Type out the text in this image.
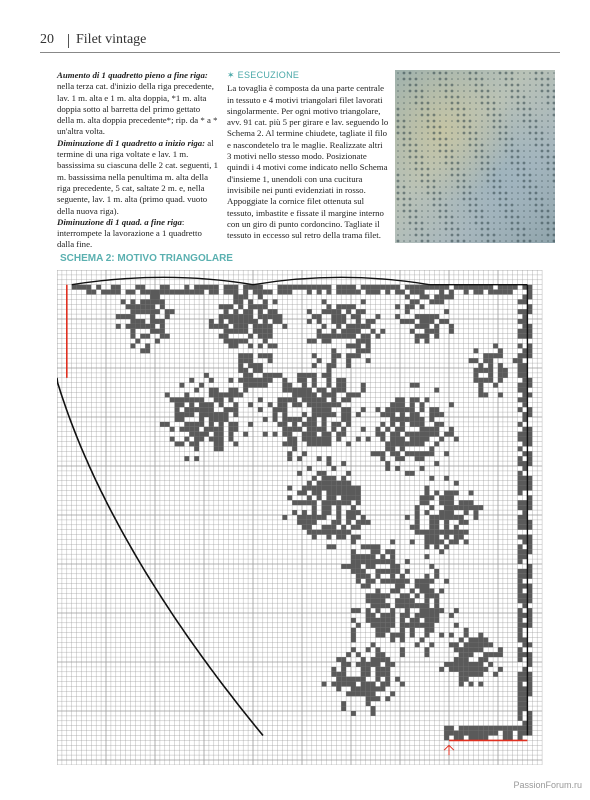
20 Filet vintage

Aumento di 1 quadretto pieno a fine riga: nella terza cat. d'inizio della riga precedente, lav. 1 m. alta e 1 m. alta doppia, *1 m. alta doppia sotto al barretta del primo gettato della m. alta doppia precedente*; rip. da * a * un'altra volta.

Diminuzione di 1 quadretto a inizio riga: al termine di una riga voltate e lav. 1 m. bassissima su ciascuna delle 2 cat. seguenti, 1 m. bassissima nella penultima m. alta della riga precedente, 5 cat, saltate 2 m. e, nella seguente, lav. 1 m. alta (primo quad. vuoto della nuova riga).

Diminuzione di 1 quad. a fine riga: interrompete la lavorazione a 1 quadretto dalla fine.

✶ ESECUZIONE
La tovaglia è composta da una parte centrale in tessuto e 4 motivi triangolari filet lavorati singolarmente. Per ogni motivo triangolare, avv. 91 cat. più 5 per girare e lav. seguendo lo Schema 2. Al termine chiudete, tagliate il filo e nascondetelo tra le maglie. Realizzate altri 3 motivi nello stesso modo. Posizionate quindi i 4 motivi come indicato nello Schema d'insieme 1, unendoli con una cucitura invisibile nei punti evidenziati in rosso. Appoggiate la cornice filet ottenuta sul tessuto, imbastite e fissate il margine interno con un giro di punto cordoncino. Tagliate il tessuto in eccesso sul retro della trama filet.
SCHEMA 2: MOTIVO TRIANGOLARE
PassionForum.ru
